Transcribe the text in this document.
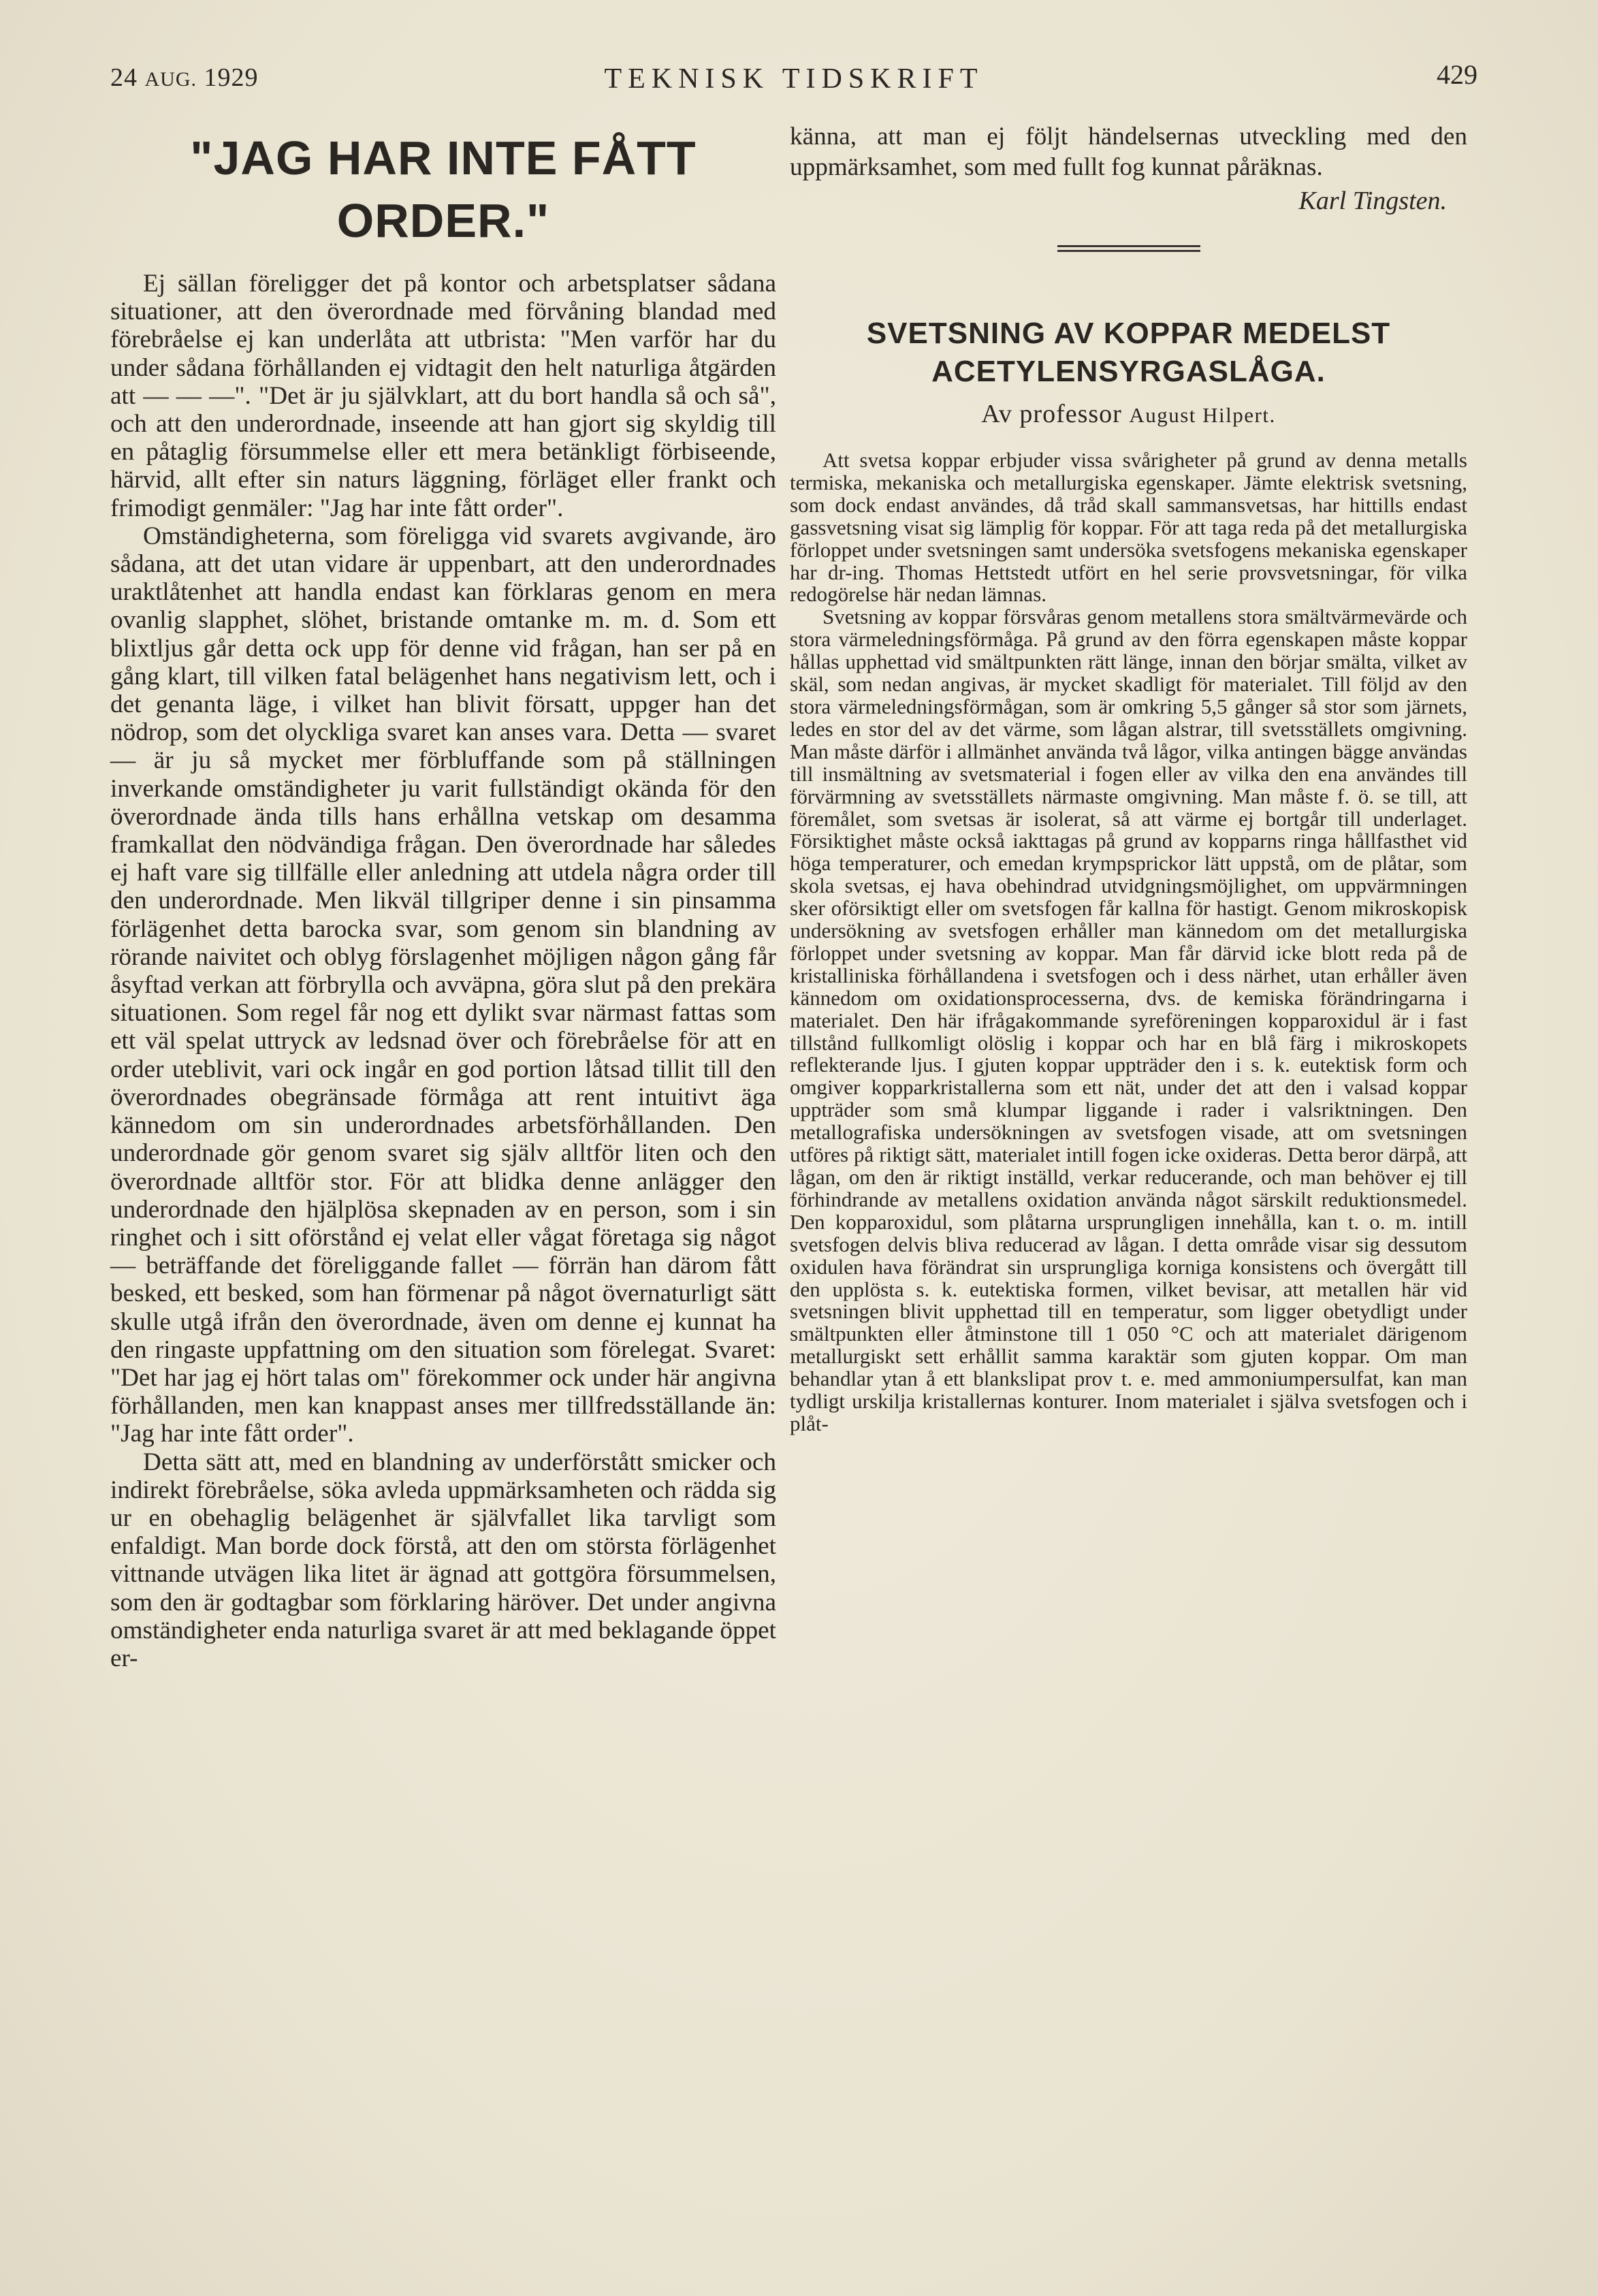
24 AUG. 1929	TEKNISK TIDSKRIFT	429
"JAG HAR INTE FÅTT
ORDER."

Ej sällan föreligger det på kontor och arbetsplatser sådana situationer, att den överordnade med förvåning blandad med förebråelse ej kan underlåta att utbrista: "Men varför har du under sådana förhållanden ej vidtagit den helt naturliga åtgärden att — — —". "Det är ju självklart, att du bort handla så och så", och att den underordnade, inseende att han gjort sig skyldig till en påtaglig försummelse eller ett mera betänkligt förbiseende, härvid, allt efter sin naturs läggning, förläget eller frankt och frimodigt genmäler: "Jag har inte fått order".

Omständigheterna, som föreligga vid svarets avgivande, äro sådana, att det utan vidare är uppenbart, att den underordnades uraktlåtenhet att handla endast kan förklaras genom en mera ovanlig slapphet, slöhet, bristande omtanke m. m. d. Som ett blixtljus går detta ock upp för denne vid frågan, han ser på en gång klart, till vilken fatal belägenhet hans negativism lett, och i det genanta läge, i vilket han blivit försatt, uppger han det nödrop, som det olyckliga svaret kan anses vara. Detta — svaret — är ju så mycket mer förbluffande som på ställningen inverkande omständigheter ju varit fullständigt okända för den överordnade ända tills hans erhållna vetskap om desamma framkallat den nödvändiga frågan. Den överordnade har således ej haft vare sig tillfälle eller anledning att utdela några order till den underordnade. Men likväl tillgriper denne i sin pinsamma förlägenhet detta barocka svar, som genom sin blandning av rörande naivitet och oblyg förslagenhet möjligen någon gång får åsyftad verkan att förbrylla och avväpna, göra slut på den prekära situationen. Som regel får nog ett dylikt svar närmast fattas som ett väl spelat uttryck av ledsnad över och förebråelse för att en order uteblivit, vari ock ingår en god portion låtsad tillit till den överordnades obegränsade förmåga att rent intuitivt äga kännedom om sin underordnades arbetsförhållanden. Den underordnade gör genom svaret sig själv alltför liten och den överordnade alltför stor. För att blidka denne anlägger den underordnade den hjälplösa skepnaden av en person, som i sin ringhet och i sitt oförstånd ej velat eller vågat företaga sig något — beträffande det föreliggande fallet — förrän han därom fått besked, ett besked, som han förmenar på något övernaturligt sätt skulle utgå ifrån den överordnade, även om denne ej kunnat ha den ringaste uppfattning om den situation som förelegat. Svaret: "Det har jag ej hört talas om" förekommer ock under här angivna förhållanden, men kan knappast anses mer tillfredsställande än: "Jag har inte fått order".

Detta sätt att, med en blandning av underförstått smicker och indirekt förebråelse, söka avleda uppmärksamheten och rädda sig ur en obehaglig belägenhet är självfallet lika tarvligt som enfaldigt. Man borde dock förstå, att den om största förlägenhet vittnande utvägen lika litet är ägnad att gottgöra försummelsen, som den är godtagbar som förklaring häröver. Det under angivna omständigheter enda naturliga svaret är att med beklagande öppet er-

känna, att man ej följt händelsernas utveckling med den uppmärksamhet, som med fullt fog kunnat påräknas.

Karl Tingsten.
SVETSNING AV KOPPAR MEDELST
ACETYLENSYRGASLÅGA.
Av professor August Hilpert.

Att svetsa koppar erbjuder vissa svårigheter på grund av denna metalls termiska, mekaniska och metallurgiska egenskaper. Jämte elektrisk svetsning, som dock endast användes, då tråd skall sammansvetsas, har hittills endast gassvetsning visat sig lämplig för koppar. För att taga reda på det metallurgiska förloppet under svetsningen samt undersöka svetsfogens mekaniska egenskaper har dr-ing. Thomas Hettstedt utfört en hel serie provsvetsningar, för vilka redogörelse här nedan lämnas.

Svetsning av koppar försvåras genom metallens stora smältvärmevärde och stora värmeledningsförmåga. På grund av den förra egenskapen måste koppar hållas upphettad vid smältpunkten rätt länge, innan den börjar smälta, vilket av skäl, som nedan angivas, är mycket skadligt för materialet. Till följd av den stora värmeledningsförmågan, som är omkring 5,5 gånger så stor som järnets, ledes en stor del av det värme, som lågan alstrar, till svetsställets omgivning. Man måste därför i allmänhet använda två lågor, vilka antingen bägge användas till insmältning av svetsmaterial i fogen eller av vilka den ena användes till förvärmning av svetsställets närmaste omgivning. Man måste f. ö. se till, att föremålet, som svetsas är isolerat, så att värme ej bortgår till underlaget. Försiktighet måste också iakttagas på grund av kopparns ringa hållfasthet vid höga temperaturer, och emedan krympsprickor lätt uppstå, om de plåtar, som skola svetsas, ej hava obehindrad utvidgningsmöjlighet, om uppvärmningen sker oförsiktigt eller om svetsfogen får kallna för hastigt. Genom mikroskopisk undersökning av svetsfogen erhåller man kännedom om det metallurgiska förloppet under svetsning av koppar. Man får därvid icke blott reda på de kristalliniska förhållandena i svetsfogen och i dess närhet, utan erhåller även kännedom om oxidationsprocesserna, dvs. de kemiska förändringarna i materialet. Den här ifrågakommande syreföreningen kopparoxidul är i fast tillstånd fullkomligt olöslig i koppar och har en blå färg i mikroskopets reflekterande ljus. I gjuten koppar uppträder den i s. k. eutektisk form och omgiver kopparkristallerna som ett nät, under det att den i valsad koppar uppträder som små klumpar liggande i rader i valsriktningen. Den metallografiska undersökningen av svetsfogen visade, att om svetsningen utföres på riktigt sätt, materialet intill fogen icke oxideras. Detta beror därpå, att lågan, om den är riktigt inställd, verkar reducerande, och man behöver ej till förhindrande av metallens oxidation använda något särskilt reduktionsmedel. Den kopparoxidul, som plåtarna ursprungligen innehålla, kan t. o. m. intill svetsfogen delvis bliva reducerad av lågan. I detta område visar sig dessutom oxidulen hava förändrat sin ursprungliga korniga konsistens och övergått till den upplösta s. k. eutektiska formen, vilket bevisar, att metallen här vid svetsningen blivit upphettad till en temperatur, som ligger obetydligt under smältpunkten eller åtminstone till 1 050 °C och att materialet därigenom metallurgiskt sett erhållit samma karaktär som gjuten koppar. Om man behandlar ytan å ett blankslipat prov t. e. med ammoniumpersulfat, kan man tydligt urskilja kristallernas konturer. Inom materialet i själva svetsfogen och i plåt-
